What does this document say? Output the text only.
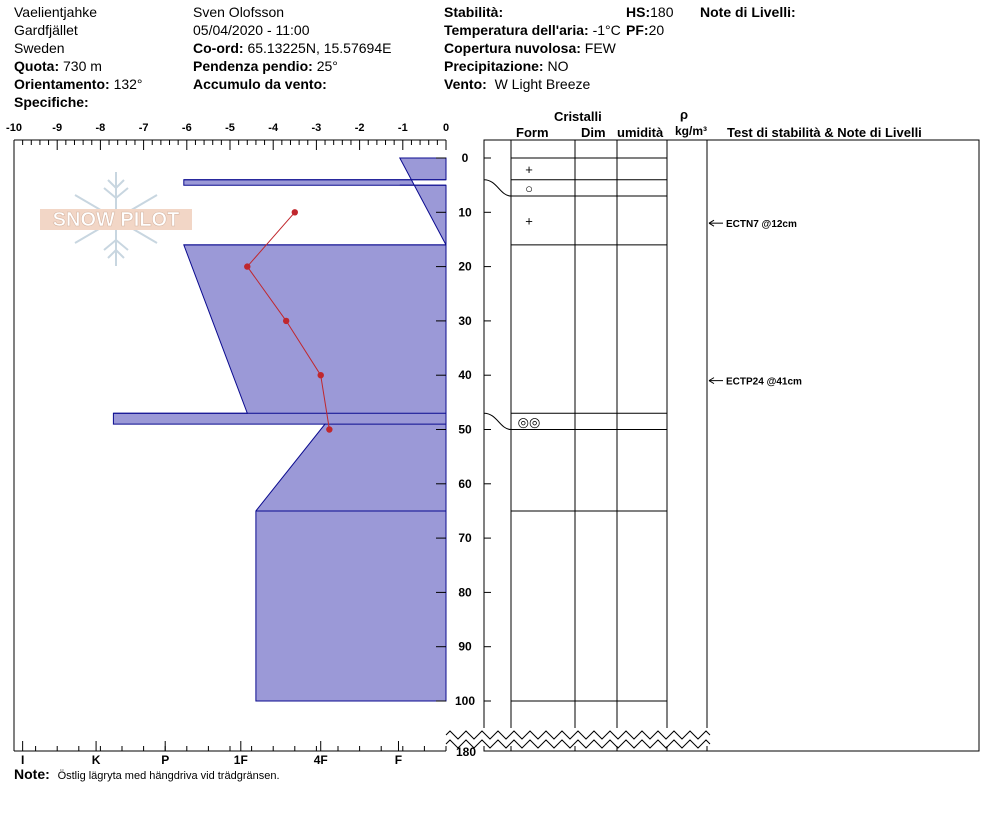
Vaelientjahke
Gardfjället
Sweden
Quota: 730 m
Orientamento: 132°
Specifiche:
Sven Olofsson
05/04/2020 - 11:00
Co-ord: 65.13225N, 15.57694E
Pendenza pendio: 25°
Accumulo da vento:
Stabilità:	HS:180
Temperatura dell'aria: -1°C PF:20
Copertura nuvolosa: FEW
Precipitazione: NO
Vento: W Light Breeze
Note di Livelli:
Cristalli
Form	Dim umidità
ρ
kg/m³ Test di stabilità & Note di Livelli
Note: Östlig lägryta med hängdriva vid trädgränsen.
SNOW PILOT
-10	-9	-8	-7	-6	-5	-4	-3	-2	-1	0
I	K	P	1F	4F	F
0
10
20
30
40
50
60
70
80
90
100
+
○
+
◎◎
ECTN7 @12cm
ECTP24 @41cm
180
